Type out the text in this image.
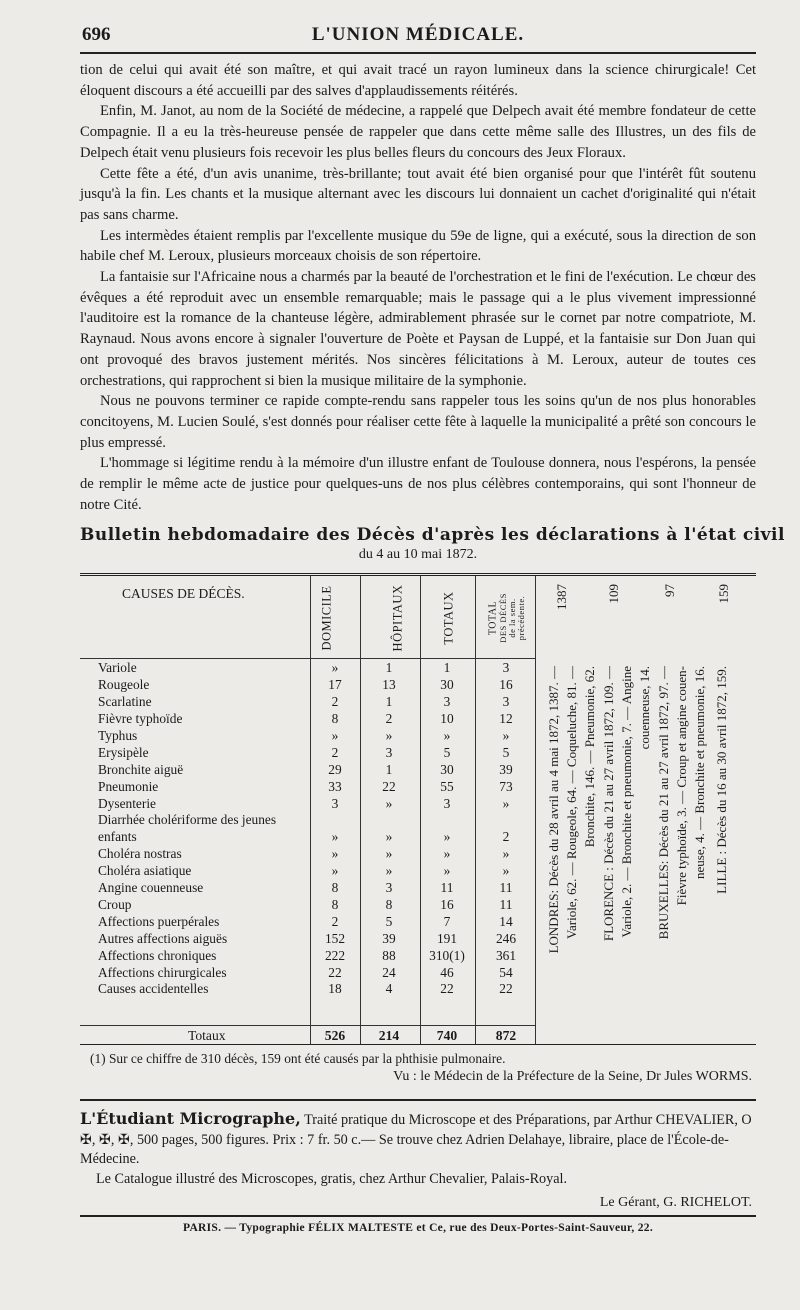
696	L'UNION MÉDICALE.

tion de celui qui avait été son maître, et qui avait tracé un rayon lumineux dans la science chirurgicale! Cet éloquent discours a été accueilli par des salves d'applaudissements réitérés.

Enfin, M. Janot, au nom de la Société de médecine, a rappelé que Delpech avait été membre fondateur de cette Compagnie. Il a eu la très-heureuse pensée de rappeler que dans cette même salle des Illustres, un des fils de Delpech était venu plusieurs fois recevoir les plus belles fleurs du concours des Jeux Floraux.

Cette fête a été, d'un avis unanime, très-brillante; tout avait été bien organisé pour que l'intérêt fût soutenu jusqu'à la fin. Les chants et la musique alternant avec les discours lui donnaient un cachet d'originalité qui n'était pas sans charme.

Les intermèdes étaient remplis par l'excellente musique du 59e de ligne, qui a exécuté, sous la direction de son habile chef M. Leroux, plusieurs morceaux choisis de son répertoire.

La fantaisie sur l'Africaine nous a charmés par la beauté de l'orchestration et le fini de l'exécution. Le chœur des évêques a été reproduit avec un ensemble remarquable; mais le passage qui a le plus vivement impressionné l'auditoire est la romance de la chanteuse légère, admirablement phrasée sur le cornet par notre compatriote, M. Raynaud. Nous avons encore à signaler l'ouverture de Poète et Paysan de Luppé, et la fantaisie sur Don Juan qui ont provoqué des bravos justement mérités. Nos sincères félicitations à M. Leroux, auteur de toutes ces orchestrations, qui rapprochent si bien la musique militaire de la symphonie.

Nous ne pouvons terminer ce rapide compte-rendu sans rappeler tous les soins qu'un de nos plus honorables concitoyens, M. Lucien Soulé, s'est donnés pour réaliser cette fête à laquelle la municipalité a prêté son concours le plus empressé.

L'hommage si légitime rendu à la mémoire d'un illustre enfant de Toulouse donnera, nous l'espérons, la pensée de remplir le même acte de justice pour quelques-uns de nos plus célèbres contemporains, qui sont l'honneur de notre Cité.

Bulletin hebdomadaire des Décès d'après les déclarations à l'état civil
du 4 au 10 mai 1872.
CAUSES DE DÉCÈS.	DOMICILE	HÔPITAUX	TOTAUX	TOTAL DES DÉCÈS
de la sem.
précédente.
Variole	»	1	1	3
Rougeole	17	13	30	16
Scarlatine	2	1	3	3
Fièvre typhoïde	8	2	10	12
Typhus	»	»	»	»
Erysipèle	2	3	5	5
Bronchite aiguë	29	1	30	39
Pneumonie	33	22	55	73
Dysenterie	3	»	3	»
Diarrhée cholériforme des jeunes enfants	»	»	»	2
Choléra nostras	»	»	»	»
Choléra asiatique	»	»	»	»
Angine couenneuse	8	3	11	11
Croup	8	8	16	11
Affections puerpérales	2	5	7	14
Autres affections aiguës	152	39	191	246
Affections chroniques	222	88	310(1)	361
Affections chirurgicales	22	24	46	54
Causes accidentelles	18	4	22	22
Totaux	526	214	740	872
1387	109	97	159
LONDRES: Décès du 28 avril au 4 mai 1872, 1387. — Variole, 62. — Rougeole, 64. — Coqueluche, 81. — Bronchite, 146. — Pneumonie, 62. FLORENCE : Décès du 21 au 27 avril 1872, 109. — Variole, 2. — Bronchite et pneumonie, 7. — Angine couenneuse, 14. BRUXELLES: Décès du 21 au 27 avril 1872, 97. — Fièvre typhoïde, 3. — Croup et angine couen- neuse, 4. — Bronchite et pneumonie, 16. LILLE : Décès du 16 au 30 avril 1872, 159.
(1) Sur ce chiffre de 310 décès, 159 ont été causés par la phthisie pulmonaire.
Vu : le Médecin de la Préfecture de la Seine, Dr Jules WORMS.

L'Étudiant Micrographe, Traité pratique du Microscope et des Préparations, par Arthur CHEVALIER, O ✠, ✠, ✠, 500 pages, 500 figures. Prix : 7 fr. 50 c.— Se trouve chez Adrien Delahaye, libraire, place de l'École-de-Médecine.

Le Catalogue illustré des Microscopes, gratis, chez Arthur Chevalier, Palais-Royal.

Le Gérant, G. RICHELOT.
PARIS. — Typographie FÉLIX MALTESTE et Ce, rue des Deux-Portes-Saint-Sauveur, 22.
